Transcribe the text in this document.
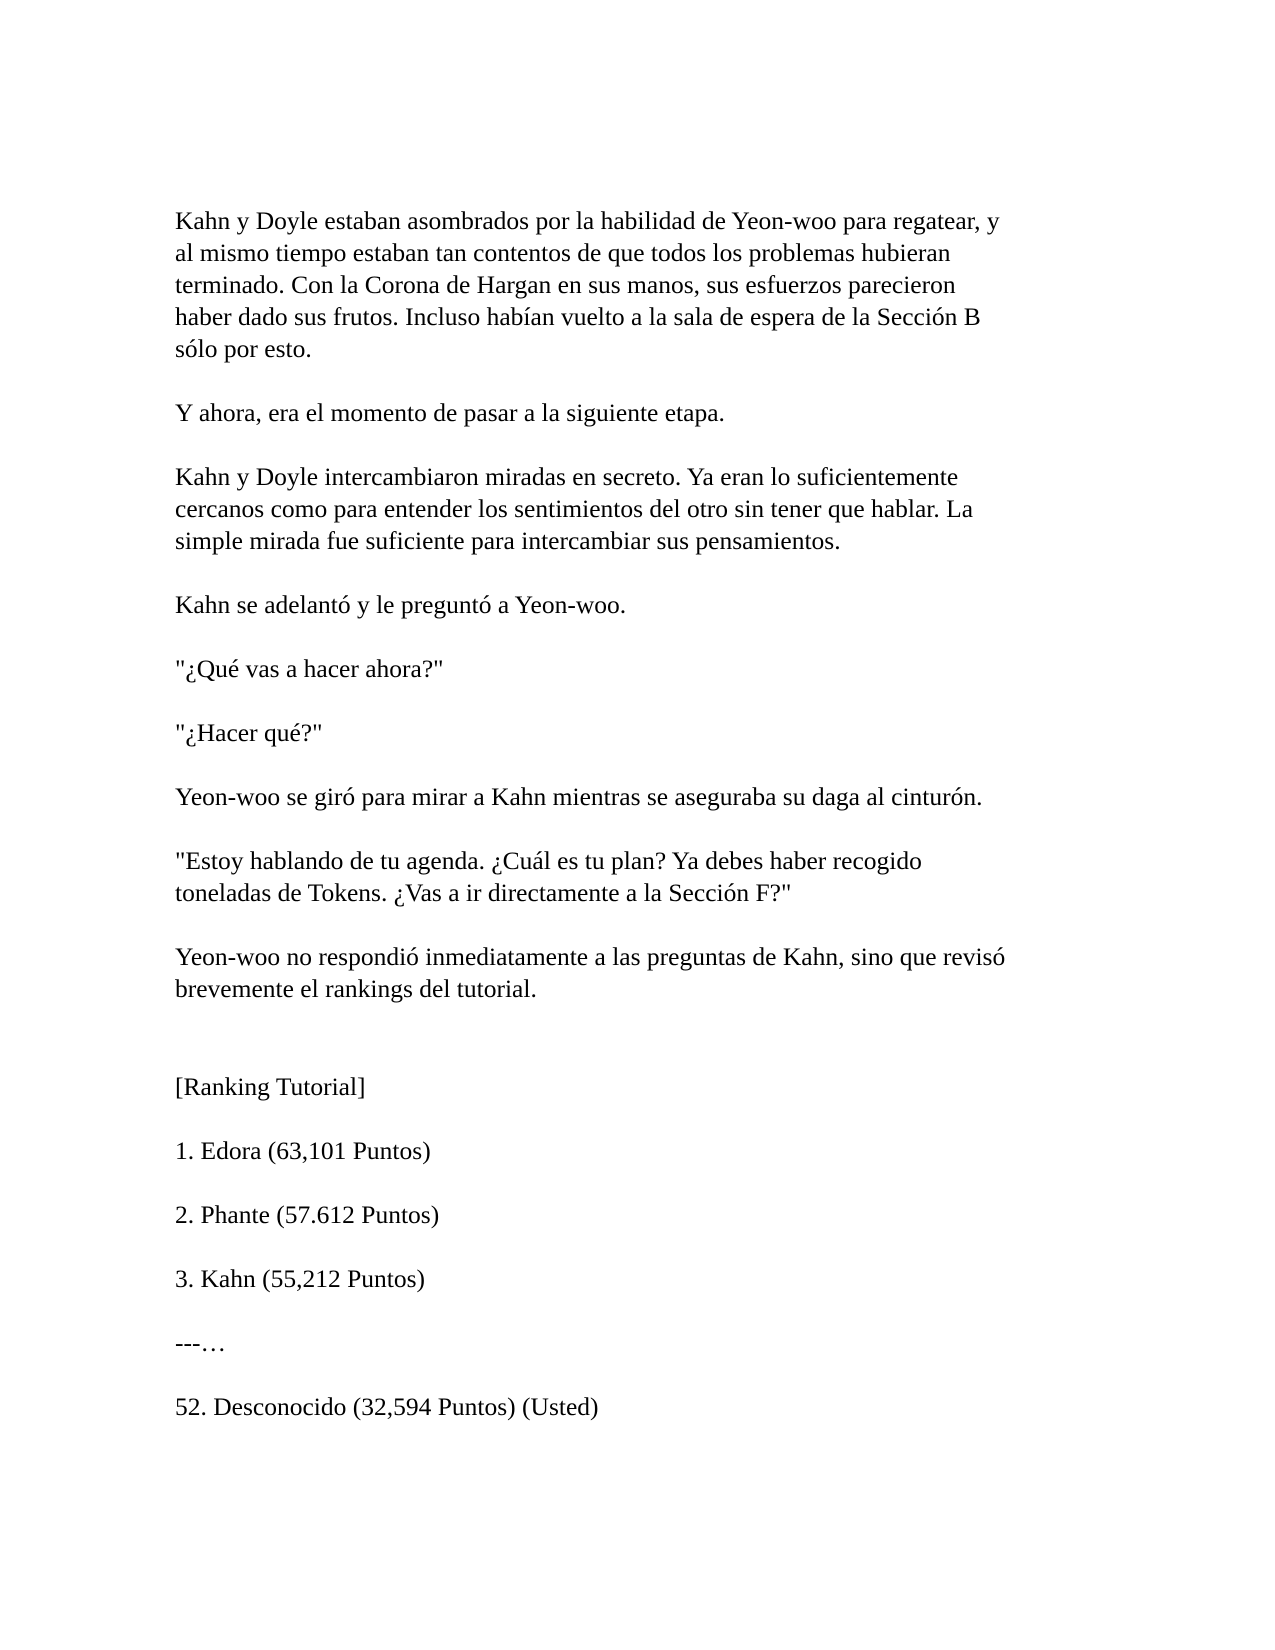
Kahn y Doyle estaban asombrados por la habilidad de Yeon-woo para regatear, y
al mismo tiempo estaban tan contentos de que todos los problemas hubieran
terminado. Con la Corona de Hargan en sus manos, sus esfuerzos parecieron
haber dado sus frutos. Incluso habían vuelto a la sala de espera de la Sección B
sólo por esto.

Y ahora, era el momento de pasar a la siguiente etapa.

Kahn y Doyle intercambiaron miradas en secreto. Ya eran lo suficientemente
cercanos como para entender los sentimientos del otro sin tener que hablar. La
simple mirada fue suficiente para intercambiar sus pensamientos.

Kahn se adelantó y le preguntó a Yeon-woo.

"¿Qué vas a hacer ahora?"

"¿Hacer qué?"

Yeon-woo se giró para mirar a Kahn mientras se aseguraba su daga al cinturón.

"Estoy hablando de tu agenda. ¿Cuál es tu plan? Ya debes haber recogido
toneladas de Tokens. ¿Vas a ir directamente a la Sección F?"

Yeon-woo no respondió inmediatamente a las preguntas de Kahn, sino que revisó
brevemente el rankings del tutorial.

[Ranking Tutorial]

1. Edora (63,101 Puntos)

2. Phante (57.612 Puntos)

3. Kahn (55,212 Puntos)

---…

52. Desconocido (32,594 Puntos) (Usted)
